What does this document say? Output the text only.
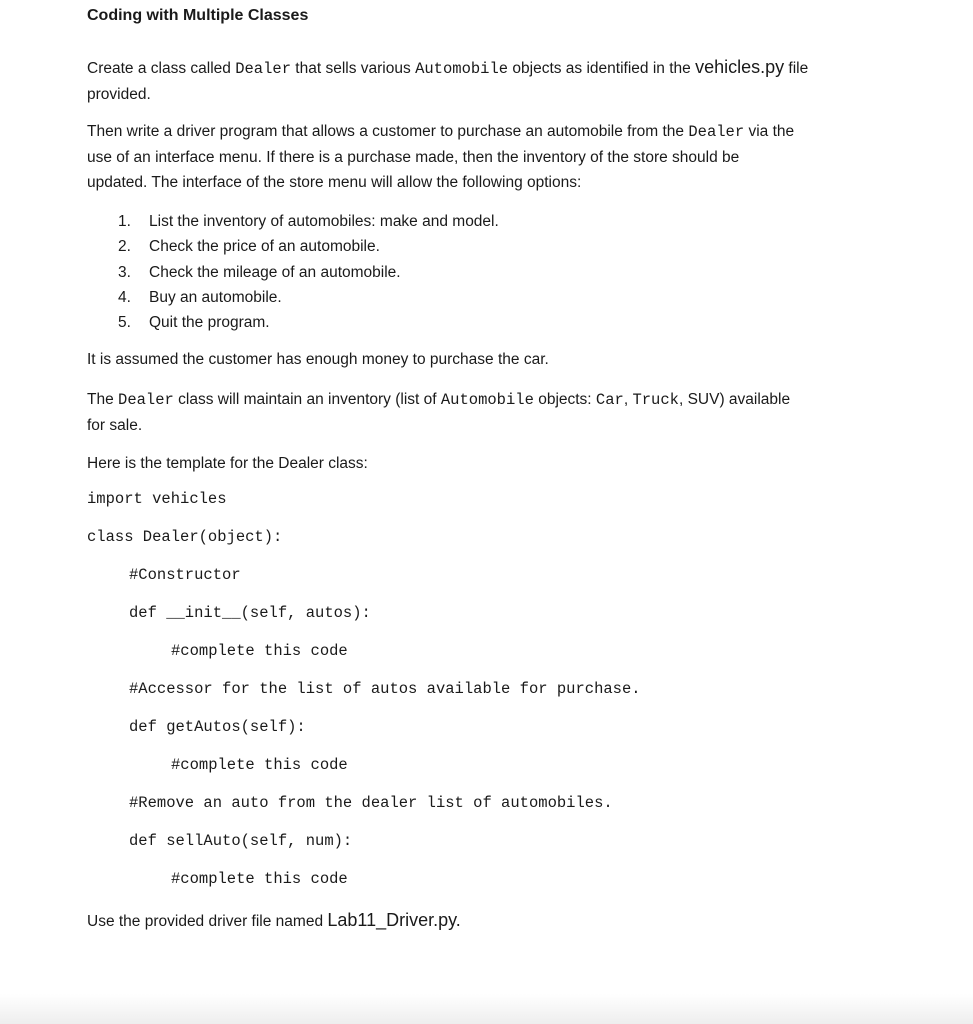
Coding with Multiple Classes
Create a class called Dealer that sells various Automobile objects as identified in the vehicles.py file
provided.
Then write a driver program that allows a customer to purchase an automobile from the Dealer via the
use of an interface menu. If there is a purchase made, then the inventory of the store should be
updated. The interface of the store menu will allow the following options:
1. List the inventory of automobiles: make and model.
2. Check the price of an automobile.
3. Check the mileage of an automobile.
4. Buy an automobile.
5. Quit the program.
It is assumed the customer has enough money to purchase the car.
The Dealer class will maintain an inventory (list of Automobile objects: Car, Truck, SUV) available
for sale.
Here is the template for the Dealer class:
import vehicles
class Dealer(object):
#Constructor
def __init__(self, autos):
#complete this code
#Accessor for the list of autos available for purchase.
def getAutos(self):
#complete this code
#Remove an auto from the dealer list of automobiles.
def sellAuto(self, num):
#complete this code
Use the provided driver file named Lab11_Driver.py.
